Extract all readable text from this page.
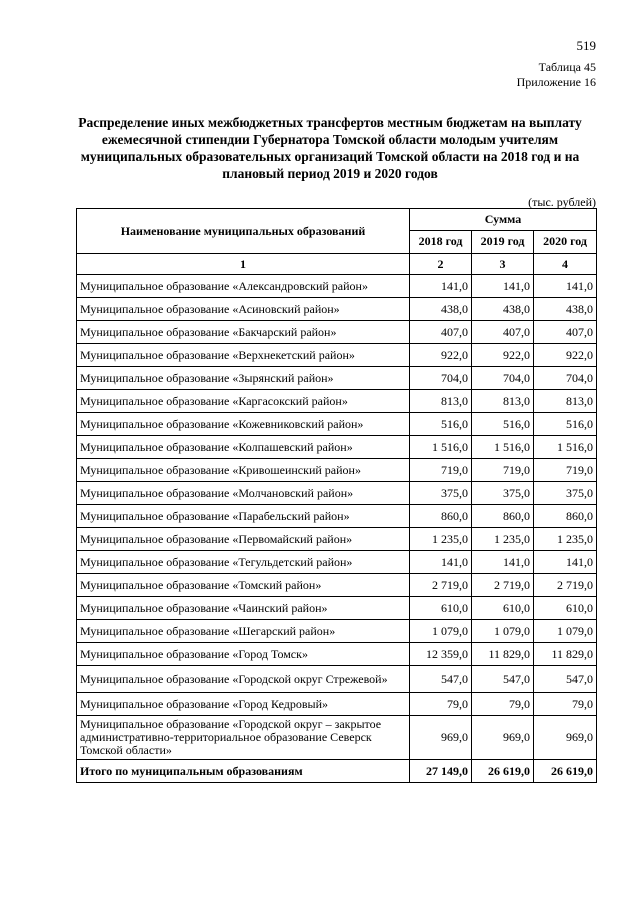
519
Таблица 45
Приложение 16
Распределение иных межбюджетных трансфертов местным бюджетам на выплату ежемесячной стипендии Губернатора Томской области молодым учителям муниципальных образовательных организаций Томской области на 2018 год и на плановый период 2019 и 2020 годов
(тыс. рублей)
Наименование муниципальных образований	Сумма		
	2018 год	2019 год	2020 год
1	2	3	4
Муниципальное образование «Александровский район»	141,0	141,0	141,0
Муниципальное образование «Асиновский район»	438,0	438,0	438,0
Муниципальное образование «Бакчарский район»	407,0	407,0	407,0
Муниципальное образование «Верхнекетский район»	922,0	922,0	922,0
Муниципальное образование «Зырянский район»	704,0	704,0	704,0
Муниципальное образование «Каргасокский район»	813,0	813,0	813,0
Муниципальное образование «Кожевниковский район»	516,0	516,0	516,0
Муниципальное образование «Колпашевский район»	1 516,0	1 516,0	1 516,0
Муниципальное образование «Кривошеинский район»	719,0	719,0	719,0
Муниципальное образование «Молчановский район»	375,0	375,0	375,0
Муниципальное образование «Парабельский район»	860,0	860,0	860,0
Муниципальное образование «Первомайский район»	1 235,0	1 235,0	1 235,0
Муниципальное образование «Тегульдетский район»	141,0	141,0	141,0
Муниципальное образование «Томский район»	2 719,0	2 719,0	2 719,0
Муниципальное образование «Чаинский район»	610,0	610,0	610,0
Муниципальное образование «Шегарский район»	1 079,0	1 079,0	1 079,0
Муниципальное образование «Город Томск»	12 359,0	11 829,0	11 829,0
Муниципальное образование «Городской округ Стрежевой»	547,0	547,0	547,0
Муниципальное образование «Город Кедровый»	79,0	79,0	79,0
Муниципальное образование «Городской округ – закрытое административно-территориальное образование Северск Томской области»	969,0	969,0	969,0
Итого по муниципальным образованиям	27 149,0	26 619,0	26 619,0
